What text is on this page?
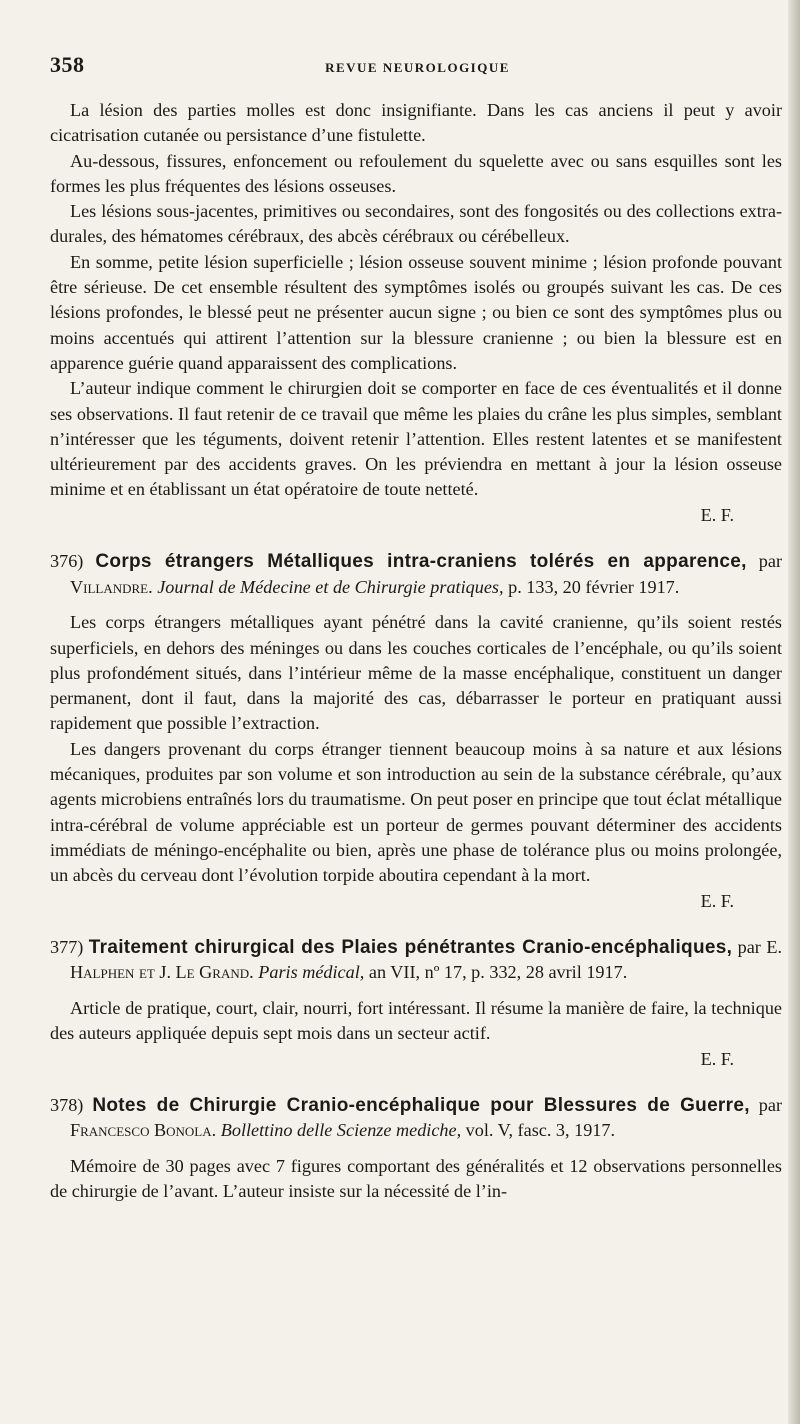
358	REVUE NEUROLOGIQUE

La lésion des parties molles est donc insignifiante. Dans les cas anciens il peut y avoir cicatrisation cutanée ou persistance d’une fistulette.

Au-dessous, fissures, enfoncement ou refoulement du squelette avec ou sans esquilles sont les formes les plus fréquentes des lésions osseuses.

Les lésions sous-jacentes, primitives ou secondaires, sont des fongosités ou des collections extra-durales, des hématomes cérébraux, des abcès cérébraux ou cérébelleux.

En somme, petite lésion superficielle ; lésion osseuse souvent minime ; lésion profonde pouvant être sérieuse. De cet ensemble résultent des symptômes isolés ou groupés suivant les cas. De ces lésions profondes, le blessé peut ne présenter aucun signe ; ou bien ce sont des symptômes plus ou moins accentués qui attirent l’attention sur la blessure cranienne ; ou bien la blessure est en apparence guérie quand apparaissent des complications.

L’auteur indique comment le chirurgien doit se comporter en face de ces éventualités et il donne ses observations. Il faut retenir de ce travail que même les plaies du crâne les plus simples, semblant n’intéresser que les téguments, doivent retenir l’attention. Elles restent latentes et se manifestent ultérieurement par des accidents graves. On les préviendra en mettant à jour la lésion osseuse minime et en établissant un état opératoire de toute netteté.

E. F.
376) Corps étrangers Métalliques intra-craniens tolérés en apparence, par Villandre. Journal de Médecine et de Chirurgie pratiques, p. 133, 20 février 1917.

Les corps étrangers métalliques ayant pénétré dans la cavité cranienne, qu’ils soient restés superficiels, en dehors des méninges ou dans les couches corticales de l’encéphale, ou qu’ils soient plus profondément situés, dans l’intérieur même de la masse encéphalique, constituent un danger permanent, dont il faut, dans la majorité des cas, débarrasser le porteur en pratiquant aussi rapidement que possible l’extraction.

Les dangers provenant du corps étranger tiennent beaucoup moins à sa nature et aux lésions mécaniques, produites par son volume et son introduction au sein de la substance cérébrale, qu’aux agents microbiens entraînés lors du traumatisme. On peut poser en principe que tout éclat métallique intra-cérébral de volume appréciable est un porteur de germes pouvant déterminer des accidents immédiats de méningo-encéphalite ou bien, après une phase de tolérance plus ou moins prolongée, un abcès du cerveau dont l’évolution torpide aboutira cependant à la mort.

E. F.
377) Traitement chirurgical des Plaies pénétrantes Cranio-encéphaliques, par E. Halphen et J. Le Grand. Paris médical, an VII, nº 17, p. 332, 28 avril 1917.

Article de pratique, court, clair, nourri, fort intéressant. Il résume la manière de faire, la technique des auteurs appliquée depuis sept mois dans un secteur actif.

E. F.
378) Notes de Chirurgie Cranio-encéphalique pour Blessures de Guerre, par Francesco Bonola. Bollettino delle Scienze mediche, vol. V, fasc. 3, 1917.

Mémoire de 30 pages avec 7 figures comportant des généralités et 12 observations personnelles de chirurgie de l’avant. L’auteur insiste sur la nécessité de l’in-
